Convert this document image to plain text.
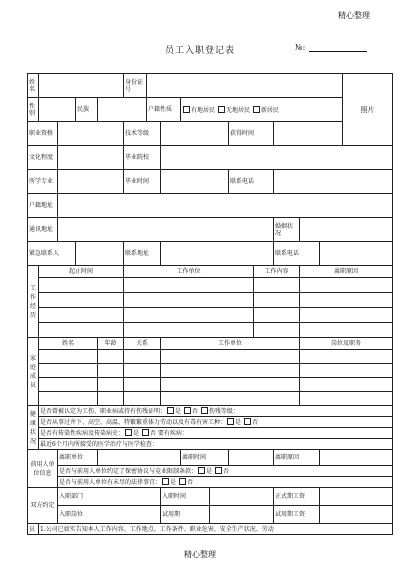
精心整理
员工入职登记表	№:
姓名					身份证号										照片
性别			民族			户籍性质		有地居民 无地居民 新居民							
职业资格					技术等级					获得时间					
文化程度					毕业院校										
所学专业					毕业时间					联系电话					
户籍地址															
通讯地址												婚姻状况			
紧急联系人					联系地址							联系电话			
工作经历	起止时间				工作单位						工作内容		离职原因		

家庭成员	姓名			年龄	关系		工作单位						岗位及职务		

健康状况	是否曾被认定为工伤、职业病或持有伤残证明： 是 否 伤残等级：														
	是否从事过井下、高空、高温、特繁繁重体力劳动以及有毒有害工种： 是 否														
	是否有传染性疾病及传染病史： 是 否 要有疾病：														
	最近6个月内所接受的医学治疗与医学检查：														
前用人单位信息		离职单位						离职时间				离职原因			
		是否与前用人单位约定了保密协议与竞业限制条款： 是 否													
		是否与前用人单位有未尽的法律事宜： 是 否													
双方约定		入职部门					入职时间					正式期工资			
		入职岗位					试用期					试用期工资			
员	1.公司已如实告知本人工作内容、工作地点、工作条件、职业危害、安全生产状况、劳动														
精心整理
